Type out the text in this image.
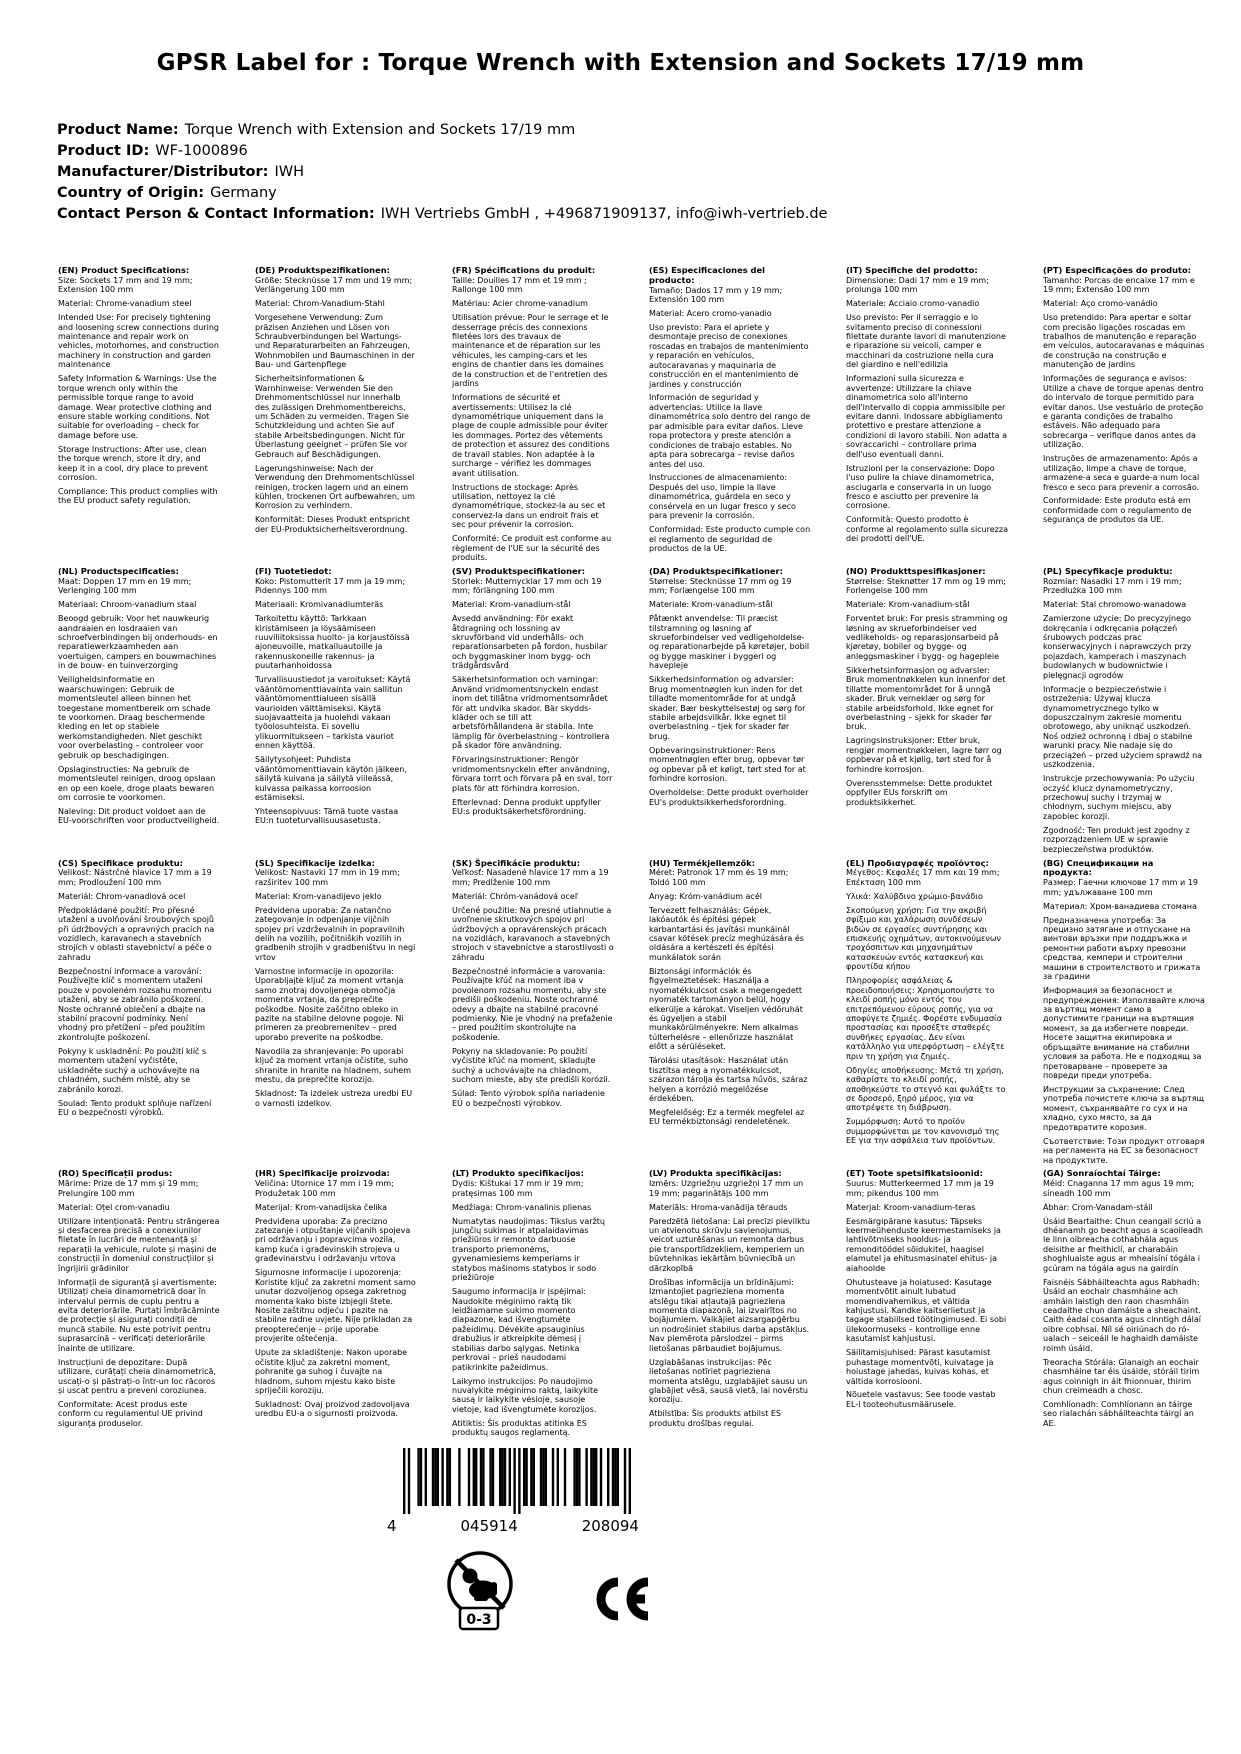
GPSR Label for : Torque Wrench with Extension and Sockets 17/19 mm
Product Name: Torque Wrench with Extension and Sockets 17/19 mm
Product ID: WF-1000896
Manufacturer/Distributor: IWH
Country of Origin: Germany
Contact Person & Contact Information: IWH Vertriebs GmbH , +496871909137, info@iwh-vertrieb.de
(EN) Product Specifications:

Size: Sockets 17 mm and 19 mm; Extension 100 mm

Material: Chrome-vanadium steel

Intended Use: For precisely tightening and loosening screw connections during maintenance and repair work on vehicles, motorhomes, and construction machinery in construction and garden maintenance

Safety Information & Warnings: Use the torque wrench only within the permissible torque range to avoid damage. Wear protective clothing and ensure stable working conditions. Not suitable for overloading – check for damage before use.

Storage Instructions: After use, clean the torque wrench, store it dry, and keep it in a cool, dry place to prevent corrosion.

Compliance: This product complies with the EU product safety regulation.

(DE) Produktspezifikationen:

Größe: Stecknüsse 17 mm und 19 mm; Verlängerung 100 mm

Material: Chrom-Vanadium-Stahl

Vorgesehene Verwendung: Zum präzisen Anziehen und Lösen von Schraubverbindungen bei Wartungs- und Reparaturarbeiten an Fahrzeugen, Wohnmobilen und Baumaschinen in der Bau- und Gartenpflege

Sicherheitsinformationen & Warnhinweise: Verwenden Sie den Drehmomentschlüssel nur innerhalb des zulässigen Drehmomentbereichs, um Schäden zu vermeiden. Tragen Sie Schutzkleidung und achten Sie auf stabile Arbeitsbedingungen. Nicht für Überlastung geeignet – prüfen Sie vor Gebrauch auf Beschädigungen.

Lagerungshinweise: Nach der Verwendung den Drehmomentschlüssel reinigen, trocken lagern und an einem kühlen, trockenen Ort aufbewahren, um Korrosion zu verhindern.

Konformität: Dieses Produkt entspricht der EU-Produktsicherheitsverordnung.

(FR) Spécifications du produit:

Taille: Douilles 17 mm et 19 mm ; Rallonge 100 mm

Matériau: Acier chrome-vanadium

Utilisation prévue: Pour le serrage et le desserrage précis des connexions filetées lors des travaux de maintenance et de réparation sur les véhicules, les camping-cars et les engins de chantier dans les domaines de la construction et de l'entretien des jardins

Informations de sécurité et avertissements: Utilisez la clé dynamométrique uniquement dans la plage de couple admissible pour éviter les dommages. Portez des vêtements de protection et assurez des conditions de travail stables. Non adaptée à la surcharge – vérifiez les dommages avant utilisation.

Instructions de stockage: Après utilisation, nettoyez la clé dynamométrique, stockez-la au sec et conservez-la dans un endroit frais et sec pour prévenir la corrosion.

Conformité: Ce produit est conforme au règlement de l'UE sur la sécurité des produits.

(ES) Especificaciones del producto:

Tamaño: Dados 17 mm y 19 mm; Extensión 100 mm

Material: Acero cromo-vanadio

Uso previsto: Para el apriete y desmontaje preciso de conexiones roscadas en trabajos de mantenimiento y reparación en vehículos, autocaravanas y maquinaria de construcción en el mantenimiento de jardines y construcción

Información de seguridad y advertencias: Utilice la llave dinamométrica solo dentro del rango de par admisible para evitar daños. Lleve ropa protectora y preste atención a condiciones de trabajo estables. No apta para sobrecarga – revise daños antes del uso.

Instrucciones de almacenamiento: Después del uso, limpie la llave dinamométrica, guárdela en seco y consérvela en un lugar fresco y seco para prevenir la corrosión.

Conformidad: Este producto cumple con el reglamento de seguridad de productos de la UE.

(IT) Specifiche del prodotto:

Dimensione: Dadi 17 mm e 19 mm; prolunga 100 mm

Materiale: Acciaio cromo-vanadio

Uso previsto: Per il serraggio e lo svitamento preciso di connessioni filettate durante lavori di manutenzione e riparazione su veicoli, camper e macchinari da costruzione nella cura del giardino e nell'edilizia

Informazioni sulla sicurezza e avvertenze: Utilizzare la chiave dinamometrica solo all'interno dell'intervallo di coppia ammissibile per evitare danni. Indossare abbigliamento protettivo e prestare attenzione a condizioni di lavoro stabili. Non adatta a sovraccarichi – controllare prima dell'uso eventuali danni.

Istruzioni per la conservazione: Dopo l'uso pulire la chiave dinamometrica, asciugarla e conservarla in un luogo fresco e asciutto per prevenire la corrosione.

Conformità: Questo prodotto è conforme al regolamento sulla sicurezza dei prodotti dell'UE.

(PT) Especificações do produto:

Tamanho: Porcas de encaixe 17 mm e 19 mm; Extensão 100 mm

Material: Aço cromo-vanádio

Uso pretendido: Para apertar e soltar com precisão ligações roscadas em trabalhos de manutenção e reparação em veículos, autocaravanas e máquinas de construção na construção e manutenção de jardins

Informações de segurança e avisos: Utilize a chave de torque apenas dentro do intervalo de torque permitido para evitar danos. Use vestuário de proteção e garanta condições de trabalho estáveis. Não adequado para sobrecarga – verifique danos antes da utilização.

Instruções de armazenamento: Após a utilização, limpe a chave de torque, armazene-a seca e guarde-a num local fresco e seco para prevenir a corrosão.

Conformidade: Este produto está em conformidade com o regulamento de segurança de produtos da UE.

(NL) Productspecificaties:

Maat: Doppen 17 mm en 19 mm; Verlenging 100 mm

Materiaal: Chroom-vanadium staal

Beoogd gebruik: Voor het nauwkeurig aandraaien en losdraaien van schroefverbindingen bij onderhouds- en reparatiewerkzaamheden aan voertuigen, campers en bouwmachines in de bouw- en tuinverzorging

Veiligheidsinformatie en waarschuwingen: Gebruik de momentsleutel alleen binnen het toegestane momentbereik om schade te voorkomen. Draag beschermende kleding en let op stabiele werkomstandigheden. Niet geschikt voor overbelasting – controleer voor gebruik op beschadigingen.

Opslaginstructies: Na gebruik de momentsleutel reinigen, droog opslaan en op een koele, droge plaats bewaren om corrosie te voorkomen.

Naleving: Dit product voldoet aan de EU-voorschriften voor productveiligheid.

(FI) Tuotetiedot:

Koko: Pistomutterit 17 mm ja 19 mm; Pidennys 100 mm

Materiaali: Kromivanadiumteräs

Tarkoitettu käyttö: Tarkkaan kiristämiseen ja löysäämiseen ruuviliitoksissa huolto- ja korjaustöissä ajoneuvoille, matkailuautoille ja rakennuskoneille rakennus- ja puutarhanhoidossa

Turvallisuustiedot ja varoitukset: Käytä vääntömomenttiavainta vain sallitun vääntömomenttialueen sisällä vaurioiden välttämiseksi. Käytä suojavaatteita ja huolehdi vakaan työolosuhteista. Ei sovellu ylikuormitukseen – tarkista vauriot ennen käyttöä.

Säilytysohjeet: Puhdista vääntömomenttiavain käytön jälkeen, säilytä kuivana ja säilytä viileässä, kuivassa paikassa korroosion estämiseksi.

Yhteensopivuus: Tämä tuote vastaa EU:n tuoteturvallisuusasetusta.

(SV) Produktspecifikationer:

Storlek: Mutternycklar 17 mm och 19 mm; förlängning 100 mm

Material: Krom-vanadium-stål

Avsedd användning: För exakt åtdragning och lossning av skruvförband vid underhålls- och reparationsarbeten på fordon, husbilar och byggmaskiner inom bygg- och trädgårdsvård

Säkerhetsinformation och varningar: Använd vridmomentsnyckeln endast inom det tillåtna vridmomentsområdet för att undvika skador. Bär skydds-kläder och se till att arbetsförhållandena är stabila. Inte lämplig för överbelastning – kontrollera på skador före användning.

Förvaringsinstruktioner: Rengör vridmomentsnyckeln efter användning, förvara torrt och förvara på en sval, torr plats för att förhindra korrosion.

Efterlevnad: Denna produkt uppfyller EU:s produktsäkerhetsförordning.

(DA) Produktspecifikationer:

Størrelse: Stecknüsse 17 mm og 19 mm; Forlængelse 100 mm

Materiale: Krom-vanadium-stål

Påtænkt anvendelse: Til præcist tilstramning og løsning af skrueforbindelser ved vedligeholdelse- og reparationarbejde på køretøjer, bobil og bygge maskiner i byggeri og havepleje

Sikkerhedsinformation og advarsler: Brug momentnøglen kun inden for det tilladte momentområde for at undgå skader. Bær beskyttelsestøj og sørg for stabile arbejdsvilkår. Ikke egnet til overbelastning – tjek for skader før brug.

Opbevaringsinstruktioner: Rens momentnøglen efter brug, opbevar tør og opbevar på et køligt, tørt sted for at forhindre korrosion.

Overholdelse: Dette produkt overholder EU's produktsikkerhedsforordning.

(NO) Produkttspesifikasjoner:

Størrelse: Steknøtter 17 mm og 19 mm; Forlengelse 100 mm

Materiale: Krom-vanadium-stål

Forventet bruk: For presis stramming og løsning av skrueforbindelser ved vedlikeholds- og reparasjonsarbeid på kjøretøy, bobiler og bygge- og anleggsmaskiner i bygg- og hagepleie

Sikkerhetsinformasjon og advarsler: Bruk momentnøkkelen kun innenfor det tillatte momentområdet for å unngå skader. Bruk verneklær og sørg for stabile arbeidsforhold. Ikke egnet for overbelastning – sjekk for skader før bruk.

Lagringsinstruksjoner: Etter bruk, rengjør momentnøkkelen, lagre tørr og oppbevar på et kjølig, tørt sted for å forhindre korrosjon.

Overensstemmelse: Dette produktet oppfyller EUs forskrift om produktsikkerhet.

(PL) Specyfikacje produktu:

Rozmiar: Nasadki 17 mm i 19 mm; Przedłużka 100 mm

Materiał: Stal chromowo-wanadowa

Zamierzone użycie: Do precyzyjnego dokręcania i odkręcania połączeń śrubowych podczas prac konserwacyjnych i naprawczych przy pojazdach, kamperach i maszynach budowlanych w budownictwie i pielęgnacji ogrodów

Informacje o bezpieczeństwie i ostrzeżenia: Używaj klucza dynamometrycznego tylko w dopuszczalnym zakresie momentu obrotowego, aby uniknąć uszkodzeń. Noś odzież ochronną i dbaj o stabilne warunki pracy. Nie nadaje się do przeciążeń – przed użyciem sprawdź na uszkodzenia.

Instrukcje przechowywania: Po użyciu oczyść klucz dynamometryczny, przechowuj suchy i trzymaj w chłodnym, suchym miejscu, aby zapobiec korozji.

Zgodność: Ten produkt jest zgodny z rozporządzeniem UE w sprawie bezpieczeństwa produktów.

(CS) Specifikace produktu:

Velikost: Nástrčné hlavice 17 mm a 19 mm; Prodloužení 100 mm

Materiál: Chrom-vanadiová ocel

Předpokládané použití: Pro přesné utažení a uvolňování šroubových spojů při údržbových a opravných pracích na vozidlech, karavanech a stavebních strojích v oblasti stavebnictví a péče o zahradu

Bezpečnostní informace a varování: Používejte klíč s momentem utažení pouze v povoleném rozsahu momentu utažení, aby se zabránilo poškození. Noste ochranné oblečení a dbajte na stabilní pracovní podmínky. Není vhodný pro přetížení – před použitím zkontrolujte poškození.

Pokyny k uskladnění: Po použití klíč s momentem utažení vyčistěte, uskladněte suchý a uchovávejte na chladném, suchém místě, aby se zabránilo korozi.

Soulad: Tento produkt splňuje nařízení EU o bezpečnosti výrobků.

(SL) Specifikacije izdelka:

Velikost: Nastavki 17 mm in 19 mm; razširitev 100 mm

Material: Krom-vanadijevo jeklo

Predvidena uporaba: Za natančno zategovanje in odpenjanje vijčnih spojev pri vzdrževalnih in popravilnih delih na vozilih, počitniških vozilih in gradbenih strojih v gradbeništvu in negi vrtov

Varnostne informacije in opozorila: Uporabljajte ključ za moment vrtanja samo znotraj dovoljenega območja momenta vrtanja, da preprečite poškodbe. Nosite zaščitno obleko in pazite na stabilne delovne pogoje. Ni primeren za preobremenitev – pred uporabo preverite na poškodbe.

Navodila za shranjevanje: Po uporabi ključ za moment vrtanja očistite, suho shranite in hranite na hladnem, suhem mestu, da preprečite korozijo.

Skladnost: Ta izdelek ustreza uredbi EU o varnosti izdelkov.

(SK) Špecifikácie produktu:

Veľkosť: Nasadené hlavice 17 mm a 19 mm; Predĺženie 100 mm

Materiál: Chróm-vanádová oceľ

Určené použitie: Na presné utiahnutie a uvoľnenie skrutkových spojov pri údržbových a opravárenských prácach na vozidlách, karavanoch a stavebných strojoch v stavebníctve a starostlivosti o záhradu

Bezpečnostné informácie a varovania: Používajte kľúč na moment iba v povolenom rozsahu momentu, aby ste predišli poškodeniu. Noste ochranné odevy a dbajte na stabilné pracovné podmienky. Nie je vhodný na preťaženie – pred použitím skontrolujte na poškodenie.

Pokyny na skladovanie: Po použití vyčistite kľúč na moment, skladujte suchý a uchovávajte na chladnom, suchom mieste, aby ste predišli korózii.

Súlad: Tento výrobok spĺňa nariadenie EÚ o bezpečnosti výrobkov.

(HU) Termékjellemzők:

Méret: Patronok 17 mm és 19 mm; Toldó 100 mm

Anyag: Króm-vanádium acél

Tervezett felhasználás: Gépek, lakóautók és építési gépek karbantartási és javítási munkáinál csavar kötések precíz meghúzására és oldására a kertészeti és építési munkálatok során

Biztonsági információk és figyelmeztetések: Használja a nyomatékkulcsot csak a megengedett nyomaték tartományon belül, hogy elkerülje a károkat. Viseljen védőruhát és ügyeljen a stabil munkakörülményekre. Nem alkalmas túlterhelésre – ellenőrizze használat előtt a sérüléseket.

Tárolási utasítások: Használat után tisztítsa meg a nyomatékkulcsot, szárazon tárolja és tartsa hűvös, száraz helyen a korrózió megelőzése érdekében.

Megfelelőség: Ez a termék megfelel az EU termékbiztonsági rendeletének.

(EL) Προδιαγραφές προϊόντος:

Μέγεθος: Κεφαλές 17 mm και 19 mm; Επέκταση 100 mm

Υλικά: Χαλύβδινο χρώμιο-βανάδιο

Σκοπούμενη χρήση: Για την ακριβή σφίξιμο και χαλάρωση συνδέσεων βιδών σε εργασίες συντήρησης και επισκευής οχημάτων, αυτοκινούμενων τροχόσπιτων και μηχανημάτων κατασκευών εντός κατασκευή και φροντίδα κήπου

Πληροφορίες ασφάλειας & προειδοποιήσεις: Χρησιμοποιήστε το κλειδί ροπής μόνο εντός του επιτρεπόμενου εύρους ροπής, για να αποφύγετε ζημιές. Φορέστε ενδυμασία προστασίας και προσέξτε σταθερές συνθήκες εργασίας. Δεν είναι κατάλληλο για υπερφόρτωση – ελέγξτε πριν τη χρήση για ζημιές.

Οδηγίες αποθήκευσης: Μετά τη χρήση, καθαρίστε το κλειδί ροπής, αποθηκεύστε το στεγνό και φυλάξτε το σε δροσερό, ξηρό μέρος, για να αποτρέψετε τη διάβρωση.

Συμμόρφωση: Αυτό το προϊόν συμμορφώνεται με τον κανονισμό της ΕΕ για την ασφάλεια των προϊόντων.

(BG) Спецификации на продукта:

Размер: Гаечни ключове 17 mm и 19 mm; удължаване 100 mm

Материал: Хром-ванадиева стомана

Предназначена употреба: За прецизно затягане и отпускане на винтови връзки при поддръжка и ремонтни работи върху превозни средства, кемпери и строителни машини в строителството и грижата за градини

Информация за безопасност и предупреждения: Използвайте ключа за въртящ момент само в допустимите граници на въртящия момент, за да избегнете повреди. Носете защитна екипировка и обръщайте внимание на стабилни условия за работа. Не е подходящ за претоварване – проверете за повреди преди употреба.

Инструкции за съхранение: След употреба почистете ключа за въртящ момент, съхранявайте го сух и на хладно, сухо място, за да предотвратите корозия.

Съответствие: Този продукт отговаря на регламента на ЕС за безопасност на продуктите.

(RO) Specificații produs:

Mărime: Prize de 17 mm și 19 mm; Prelungire 100 mm

Material: Oțel crom-vanadiu

Utilizare intenționată: Pentru strângerea și desfacerea precisă a conexiunilor filetate în lucrări de mentenanță și reparații la vehicule, rulote și mașini de construcții în domeniul construcțiilor și îngrijirii grădinilor

Informații de siguranță și avertismente: Utilizați cheia dinamometrică doar în intervalul permis de cuplu pentru a evita deteriorările. Purtați îmbrăcăminte de protecție și asigurați condiții de muncă stabile. Nu este potrivit pentru suprasarcină – verificați deteriorările înainte de utilizare.

Instrucțiuni de depozitare: După utilizare, curățați cheia dinamometrică, uscați-o și păstrați-o într-un loc răcoros și uscat pentru a preveni coroziunea.

Conformitate: Acest produs este conform cu regulamentul UE privind siguranța produselor.

(HR) Specifikacije proizvoda:

Veličina: Utornice 17 mm i 19 mm; Produžetak 100 mm

Materijal: Krom-vanadijska čelika

Predviđena uporaba: Za precizno zatezanje i otpuštanje vijčanih spojeva pri održavanju i popravcima vozila, kamp kuća i građevinskih strojeva u građevinarstvu i održavanju vrtova

Sigurnosne informacije i upozorenja: Koristite ključ za zakretni moment samo unutar dozvoljenog opsega zakretnog momenta kako biste izbjegli štete. Nosite zaštitnu odjeću i pazite na stabilne radne uvjete. Nije prikladan za preopterećenje – prije uporabe provjerite oštećenja.

Upute za skladištenje: Nakon uporabe očistite ključ za zakretni moment, pohranite ga suhog i čuvajte na hladnom, suhom mjestu kako biste spriječili koroziju.

Sukladnost: Ovaj proizvod zadovoljava uredbu EU-a o sigurnosti proizvoda.

(LT) Produkto specifikacijos:

Dydis: Kištukai 17 mm ir 19 mm; pratęsimas 100 mm

Medžiaga: Chrom-vanalinis plienas

Numatytas naudojimas: Tikslus varžtų jungčių sukimas ir atpalaidavimas priežiūros ir remonto darbuose transporto priemonėms, gyvenamiesiems kemperiams ir statybos mašinoms statybos ir sodo priežiūroje

Saugumo informacija ir įspėjimai: Naudokite mėginimo raktą tik leidžiamame sukimo momento diapazone, kad išvengtumėte pažeidimų. Dėvėkite apsauginius drabužius ir atkreipkite dėmesį į stabilias darbo sąlygas. Netinka perkrovai – prieš naudodami patikrinkite pažeidimus.

Laikymo instrukcijos: Po naudojimo nuvalykite mėginimo raktą, laikykite sausą ir laikykite vėsioje, sausoje vietoje, kad išvengtumėte korozijos.

Atitiktis: Šis produktas atitinka ES produktų saugos reglamentą.

(LV) Produkta specifikācijas:

Izmērs: Uzgriežņu uzgriežņi 17 mm un 19 mm; pagarinātājs 100 mm

Materiāls: Hroma-vanādija tērauds

Paredzētā lietošana: Lai precīzi pievilktu un atvienotu skrūvju savienojumus, veicot uzturēšanas un remonta darbus pie transportlīdzekļiem, kemperiem un būvtehnikas iekārtām būvniecībā un dārzkopībā

Drošības informācija un brīdinājumi: Izmantojiet pagrieziena momenta atslēgu tikai atļautajā pagrieziena momenta diapazonā, lai izvairītos no bojājumiem. Valkājiet aizsargapģērbu un nodrošiniet stabilus darba apstākļus. Nav piemērota pārslodzei – pirms lietošanas pārbaudiet bojājumus.

Uzglabāšanas instrukcijas: Pēc lietošanas notīriet pagrieziena momenta atslēgu, uzglabājiet sausu un glabājiet vēsā, sausā vietā, lai novērstu koroziju.

Atbilstība: Šis produkts atbilst ES produktu drošības regulai.

(ET) Toote spetsifikatsioonid:

Suurus: Mutterkeermed 17 mm ja 19 mm; pikendus 100 mm

Materjal: Kroom-vanadium-teras

Eesmärgipärane kasutus: Täpseks keermeühenduste keermestamiseks ja lahtivõtmiseks hooldus- ja remonditöödel sõidukitel, haagisel elamutel ja ehitusmasinatel ehitus- ja aiahoolde

Ohutusteave ja hoiatused: Kasutage momentvõtit ainult lubatud momendivahemikus, et vältida kahjustusi. Kandke kaitseriietust ja tagage stabiilsed töötingimused. Ei sobi ülekoormuseks – kontrollige enne kasutamist kahjustusi.

Säilitamisjuhised: Pärast kasutamist puhastage momentvõti, kuivatage ja hoiustage jahedas, kuivas kohas, et vältida korrosiooni.

Nõuetele vastavus: See toode vastab EL-i tooteohutusmäärusele.

(GA) Sonraíochtaí Táirge:

Méid: Cnaganna 17 mm agus 19 mm; síneadh 100 mm

Ábhar: Crom-Vanadam-stáil

Úsáid Beartaithe: Chun ceangail scriú a dhéanamh go beacht agus a scaoileadh le linn oibreacha cothabhála agus deisithe ar fheithiclí, ar charabáin shoghluaiste agus ar mheaisíní tógála i gcúram na tógála agus na gairdín

Faisnéis Sábháilteachta agus Rabhadh: Úsáid an eochair chasmháine ach amháin laistigh den raon chasmháin ceadaithe chun damáiste a sheachaint. Caith éadaí cosanta agus cinntigh dálaí oibre cobhsaí. Níl sé oiriúnach do ró-ualach – seiceáil le haghaidh damáiste roimh úsáid.

Treoracha Stórála: Glanaigh an eochair chasmháine tar éis úsáide, stóráil tirim agus coinnigh in áit fhionnuar, thirim chun creimeadh a chosc.

Comhlíonadh: Comhlíonann an táirge seo rialachán sábháilteachta táirgí an AE.

4	045914	208094
0-3
